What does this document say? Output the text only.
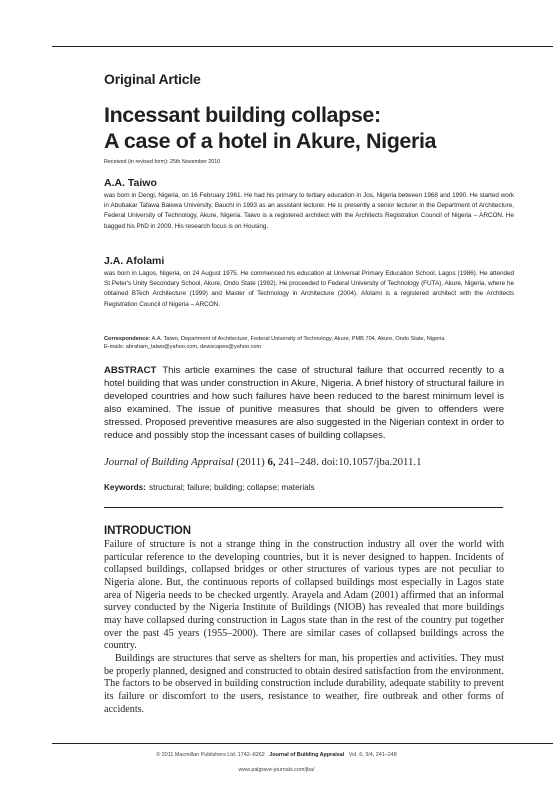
Original Article
Incessant building collapse:
A case of a hotel in Akure, Nigeria
Received (in revised form): 25th November 2010
A.A. Taiwo
was born in Dengi, Nigeria, on 16 February 1961. He had his primary to tertiary education in Jos, Nigeria between 1968 and 1990. He started work in Abubakar Tafawa Balewa University, Bauchi in 1993 as an assistant lecturer. He is presently a senior lecturer in the Department of Architecture, Federal University of Technology, Akure, Nigeria. Taiwo is a registered architect with the Architects Registration Council of Nigeria – ARCON. He bagged his PhD in 2009. His research focus is on Housing.
J.A. Afolami
was born in Lagos, Nigeria, on 24 August 1975. He commenced his education at Universal Primary Education School, Lagos (1986). He attended St Peter's Unity Secondary School, Akure, Ondo State (1992). He proceeded to Federal University of Technology (FUTA), Akure, Nigeria, where he obtained BTech Architecture (1999) and Master of Technology in Architecture (2004). Afolami is a registered architect with the Architects Registration Council of Nigeria – ARCON.
Correspondence: A.A. Taiwo, Department of Architecture, Federal University of Technology, Akure, PMB 704, Akure, Ondo State, Nigeria
E-mails: abraham_taiwo@yahoo.com, dewscapex@yahoo.com
ABSTRACT This article examines the case of structural failure that occurred recently to a hotel building that was under construction in Akure, Nigeria. A brief history of structural failure in developed countries and how such failures have been reduced to the barest minimum level is also examined. The issue of punitive measures that should be given to offenders were stressed. Proposed preventive measures are also suggested in the Nigerian context in order to reduce and possibly stop the incessant cases of building collapses.
Journal of Building Appraisal (2011) 6, 241–248. doi:10.1057/jba.2011.1
Keywords: structural; failure; building; collapse; materials
INTRODUCTION
Failure of structure is not a strange thing in the construction industry all over the world with particular reference to the developing countries, but it is never designed to happen. Incidents of collapsed buildings, collapsed bridges or other structures of various types are not peculiar to Nigeria alone. But, the continuous reports of collapsed buildings most especially in Lagos state area of Nigeria needs to be checked urgently. Arayela and Adam (2001) affirmed that an informal survey conducted by the Nigeria Institute of Buildings (NIOB) has revealed that more buildings may have collapsed during construction in Lagos state than in the rest of the country put together over the past 45 years (1955–2000). There are similar cases of collapsed buildings across the country.
Buildings are structures that serve as shelters for man, his properties and activities. They must be properly planned, designed and constructed to obtain desired satisfaction from the environment. The factors to be observed in building construction include durability, adequate stability to prevent its failure or discomfort to the users, resistance to weather, fire outbreak and other forms of accidents.
© 2011 Macmillan Publishers Ltd. 1742–8262 Journal of Building Appraisal Vol. 6, 3/4, 241–248
www.palgrave-journals.com/jba/
